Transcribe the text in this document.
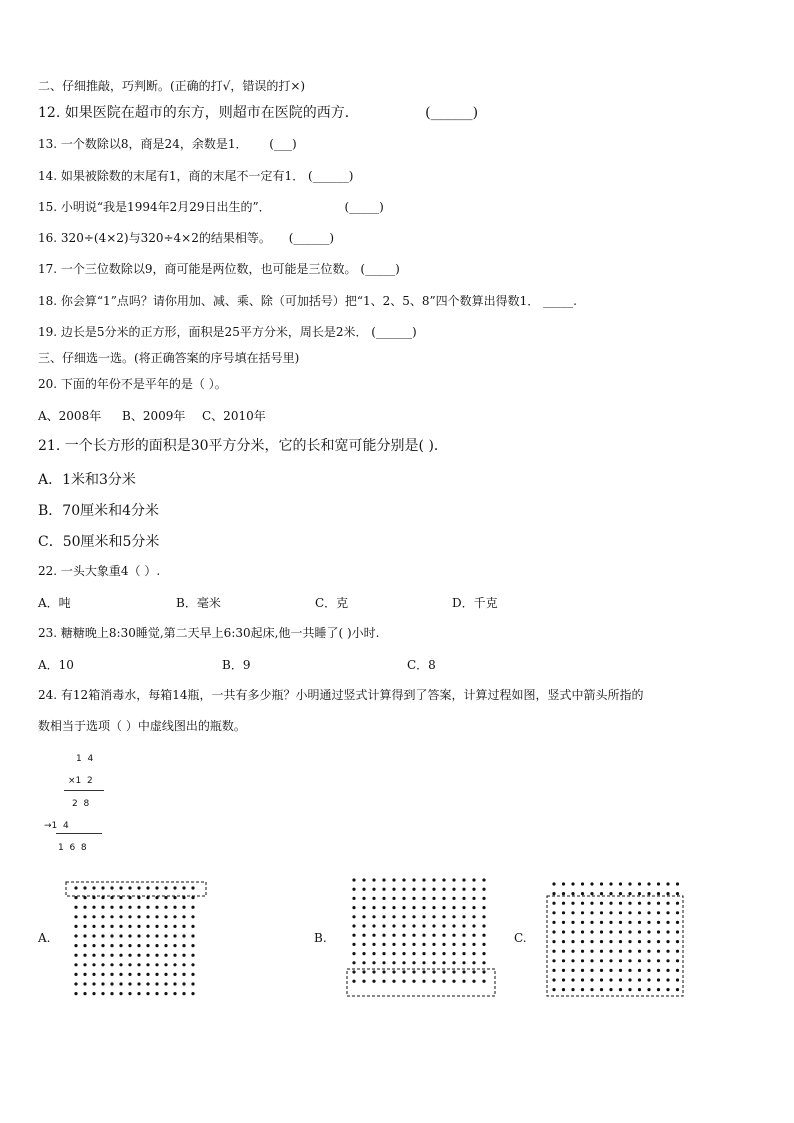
二、仔细推敲，巧判断。(正确的打√，错误的打×)
12. 如果医院在超市的东方，则超市在医院的西方．	(______)
13. 一个数除以8，商是24，余数是1． (___)
14. 如果被除数的末尾有1，商的末尾不一定有1． (______)
15. 小明说“我是1994年2月29日出生的”．	(_____)
16. 320÷(4×2)与320÷4×2的结果相等。 (______)
17. 一个三位数除以9，商可能是两位数，也可能是三位数。 (_____)
18. 你会算“1”点吗？请你用加、减、乘、除（可加括号）把“1、2、5、8”四个数算出得数1． _____.
19. 边长是5分米的正方形，面积是25平方分米，周长是2米． (______)
三、仔细选一选。(将正确答案的序号填在括号里)
20. 下面的年份不是平年的是（ ）。
A、2008年 B、2009年 C、2010年
21. 一个长方形的面积是30平方分米，它的长和宽可能分别是( )．
A．1米和3分米
B．70厘米和4分米
C．50厘米和5分米
22. 一头大象重4（ ）.
A．吨	B．毫米	C．克	D．千克
23. 糖糖晚上8:30睡觉,第二天早上6:30起床,他一共睡了( )小时.
A．10	B．9	C．8
24. 有12箱消毒水，每箱14瓶，一共有多少瓶？小明通过竖式计算得到了答案，计算过程如图，竖式中箭头所指的
数相当于选项（ ）中虚线图出的瓶数。
1  4
×1  2
2  8
→1  4
1  6  8
A.	B.	C.
